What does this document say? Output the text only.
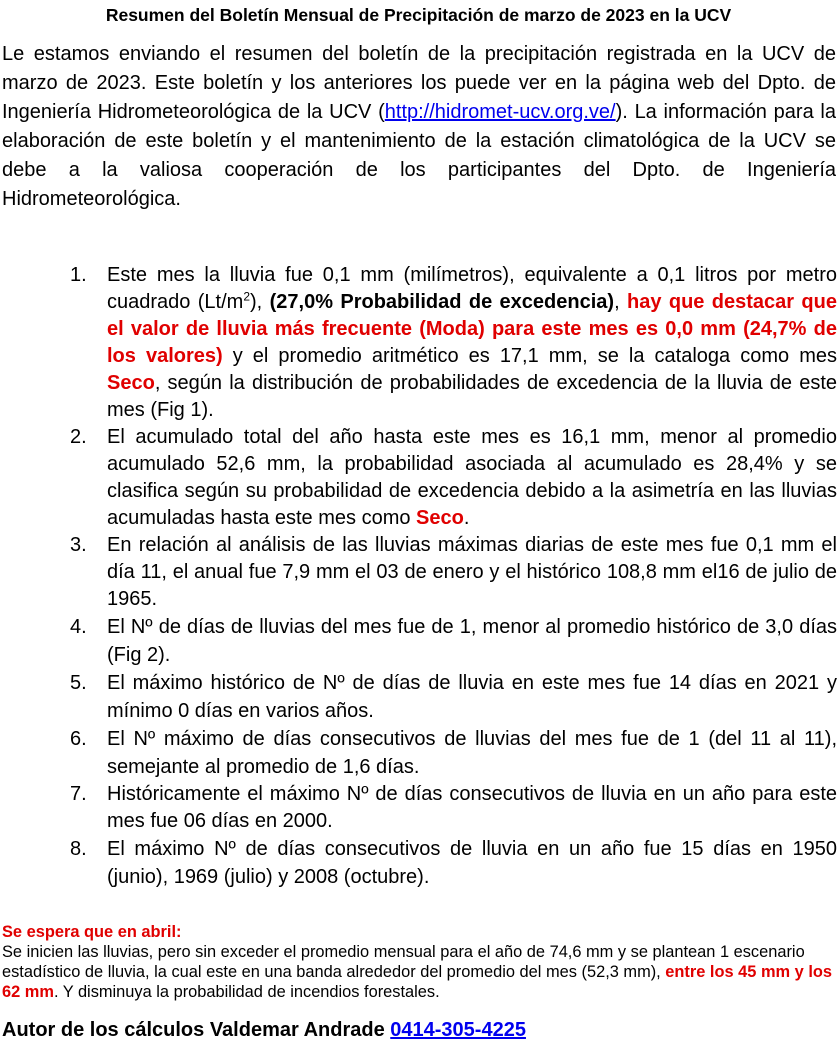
Resumen del Boletín Mensual de Precipitación de marzo de 2023 en la UCV
Le estamos enviando el resumen del boletín de la precipitación registrada en la UCV de marzo de 2023. Este boletín y los anteriores los puede ver en la página web del Dpto. de Ingeniería Hidrometeorológica de la UCV (http://hidromet-ucv.org.ve/). La información para la elaboración de este boletín y el mantenimiento de la estación climatológica de la UCV se debe a la valiosa cooperación de los participantes del Dpto. de Ingeniería Hidrometeorológica.
1. Este mes la lluvia fue 0,1 mm (milímetros), equivalente a 0,1 litros por metro cuadrado $(Lt/m^2)$, (27,0% Probabilidad de excedencia), hay que destacar que el valor de lluvia más frecuente (Moda) para este mes es 0,0 mm (24,7% de los valores) y el promedio aritmético es 17,1 mm, se la cataloga como mes Seco, según la distribución de probabilidades de excedencia de la lluvia de este mes (Fig 1).
2. El acumulado total del año hasta este mes es 16,1 mm, menor al promedio acumulado 52,6 mm, la probabilidad asociada al acumulado es 28,4% y se clasifica según su probabilidad de excedencia debido a la asimetría en las lluvias acumuladas hasta este mes como Seco.
3. En relación al análisis de las lluvias máximas diarias de este mes fue 0,1 mm el día 11, el anual fue 7,9 mm el 03 de enero y el histórico 108,8 mm el16 de julio de 1965.
4. El Nº de días de lluvias del mes fue de 1, menor al promedio histórico de 3,0 días (Fig 2).
5. El máximo histórico de Nº de días de lluvia en este mes fue 14 días en 2021 y mínimo 0 días en varios años.
6. El Nº máximo de días consecutivos de lluvias del mes fue de 1 (del 11 al 11), semejante al promedio de 1,6 días.
7. Históricamente el máximo Nº de días consecutivos de lluvia en un año para este mes fue 06 días en 2000.
8. El máximo Nº de días consecutivos de lluvia en un año fue 15 días en 1950 (junio), 1969 (julio) y 2008 (octubre).
Se espera que en abril:
Se inicien las lluvias, pero sin exceder el promedio mensual para el año de 74,6 mm y se plantean 1 escenario estadístico de lluvia, la cual este en una banda alrededor del promedio del mes (52,3 mm), entre los 45 mm y los 62 mm. Y disminuya la probabilidad de incendios forestales.
Autor de los cálculos Valdemar Andrade 0414-305-4225
